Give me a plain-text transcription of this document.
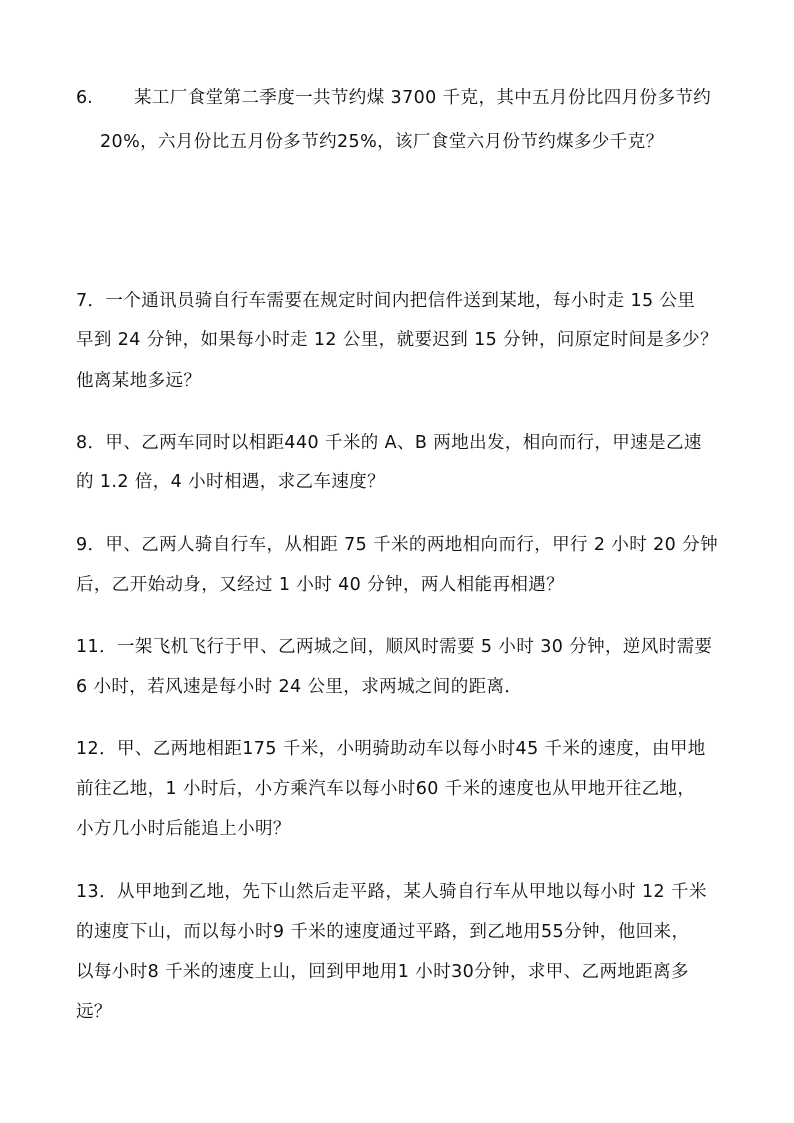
6. 某工厂食堂第二季度一共节约煤 3700 千克，其中五月份比四月份多节约
20%，六月份比五月份多节约25%，该厂食堂六月份节约煤多少千克？
7．一个通讯员骑自行车需要在规定时间内把信件送到某地，每小时走 15 公里
早到 24 分钟，如果每小时走 12 公里，就要迟到 15 分钟，问原定时间是多少？
他离某地多远？
8．甲、乙两车同时以相距440 千米的 A、B 两地出发，相向而行，甲速是乙速
的 1.2 倍，4 小时相遇，求乙车速度？
9．甲、乙两人骑自行车，从相距 75 千米的两地相向而行，甲行 2 小时 20 分钟
后，乙开始动身，又经过 1 小时 40 分钟，两人相能再相遇？
11．一架飞机飞行于甲、乙两城之间，顺风时需要 5 小时 30 分钟，逆风时需要
6 小时，若风速是每小时 24 公里，求两城之间的距离．
12．甲、乙两地相距175 千米，小明骑助动车以每小时45 千米的速度，由甲地
前往乙地，1 小时后，小方乘汽车以每小时60 千米的速度也从甲地开往乙地，
小方几小时后能追上小明？
13．从甲地到乙地，先下山然后走平路，某人骑自行车从甲地以每小时 12 千米
的速度下山，而以每小时9 千米的速度通过平路，到乙地用55分钟，他回来，
以每小时8 千米的速度上山，回到甲地用1 小时30分钟，求甲、乙两地距离多
远？
